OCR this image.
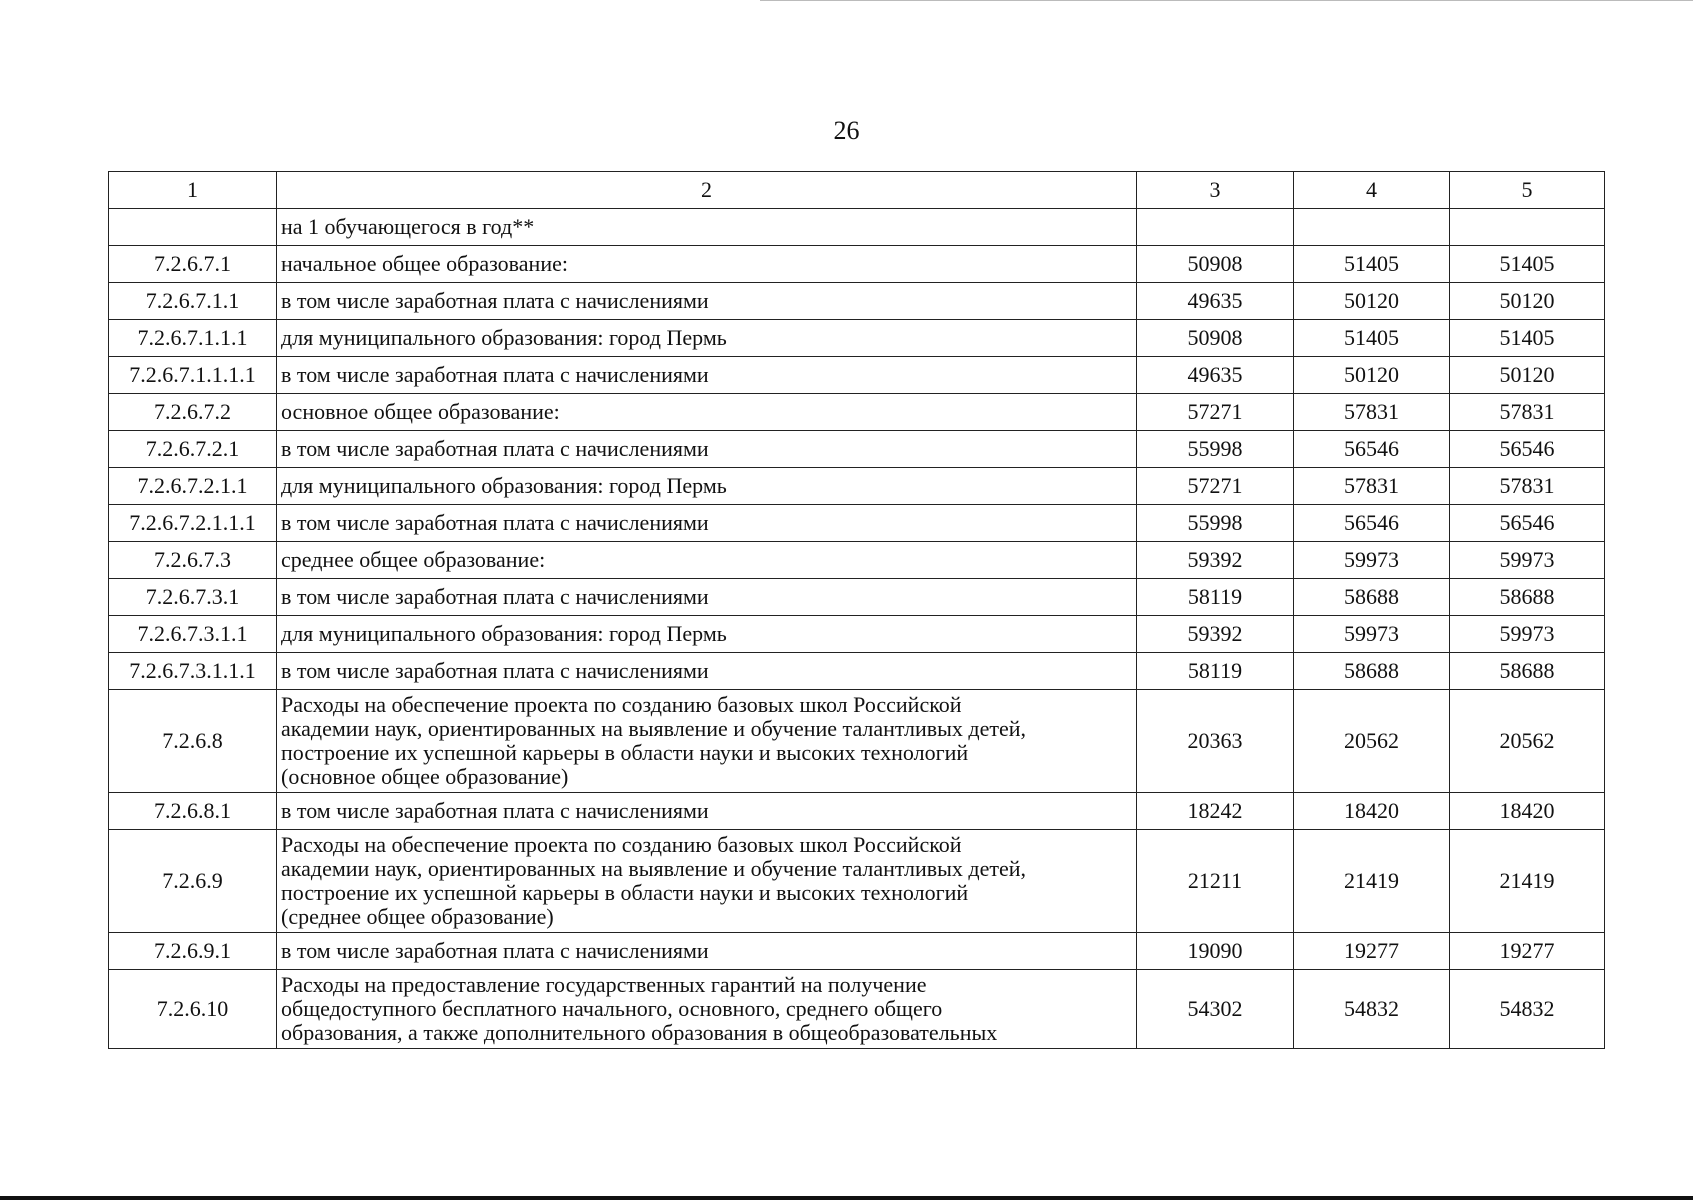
26
1	2	3	4	5
	на 1 обучающегося в год**			
7.2.6.7.1	начальное общее образование:	50908	51405	51405
7.2.6.7.1.1	в том числе заработная плата с начислениями	49635	50120	50120
7.2.6.7.1.1.1	для муниципального образования: город Пермь	50908	51405	51405
7.2.6.7.1.1.1.1	в том числе заработная плата с начислениями	49635	50120	50120
7.2.6.7.2	основное общее образование:	57271	57831	57831
7.2.6.7.2.1	в том числе заработная плата с начислениями	55998	56546	56546
7.2.6.7.2.1.1	для муниципального образования: город Пермь	57271	57831	57831
7.2.6.7.2.1.1.1	в том числе заработная плата с начислениями	55998	56546	56546
7.2.6.7.3	среднее общее образование:	59392	59973	59973
7.2.6.7.3.1	в том числе заработная плата с начислениями	58119	58688	58688
7.2.6.7.3.1.1	для муниципального образования: город Пермь	59392	59973	59973
7.2.6.7.3.1.1.1	в том числе заработная плата с начислениями	58119	58688	58688
7.2.6.8	Расходы на обеспечение проекта по созданию базовых школ Российской
академии наук, ориентированных на выявление и обучение талантливых детей,
построение их успешной карьеры в области науки и высоких технологий
(основное общее образование)	20363	20562	20562
7.2.6.8.1	в том числе заработная плата с начислениями	18242	18420	18420
7.2.6.9	Расходы на обеспечение проекта по созданию базовых школ Российской
академии наук, ориентированных на выявление и обучение талантливых детей,
построение их успешной карьеры в области науки и высоких технологий
(среднее общее образование)	21211	21419	21419
7.2.6.9.1	в том числе заработная плата с начислениями	19090	19277	19277
7.2.6.10	Расходы на предоставление государственных гарантий на получение
общедоступного бесплатного начального, основного, среднего общего
образования, а также дополнительного образования в общеобразовательных	54302	54832	54832
